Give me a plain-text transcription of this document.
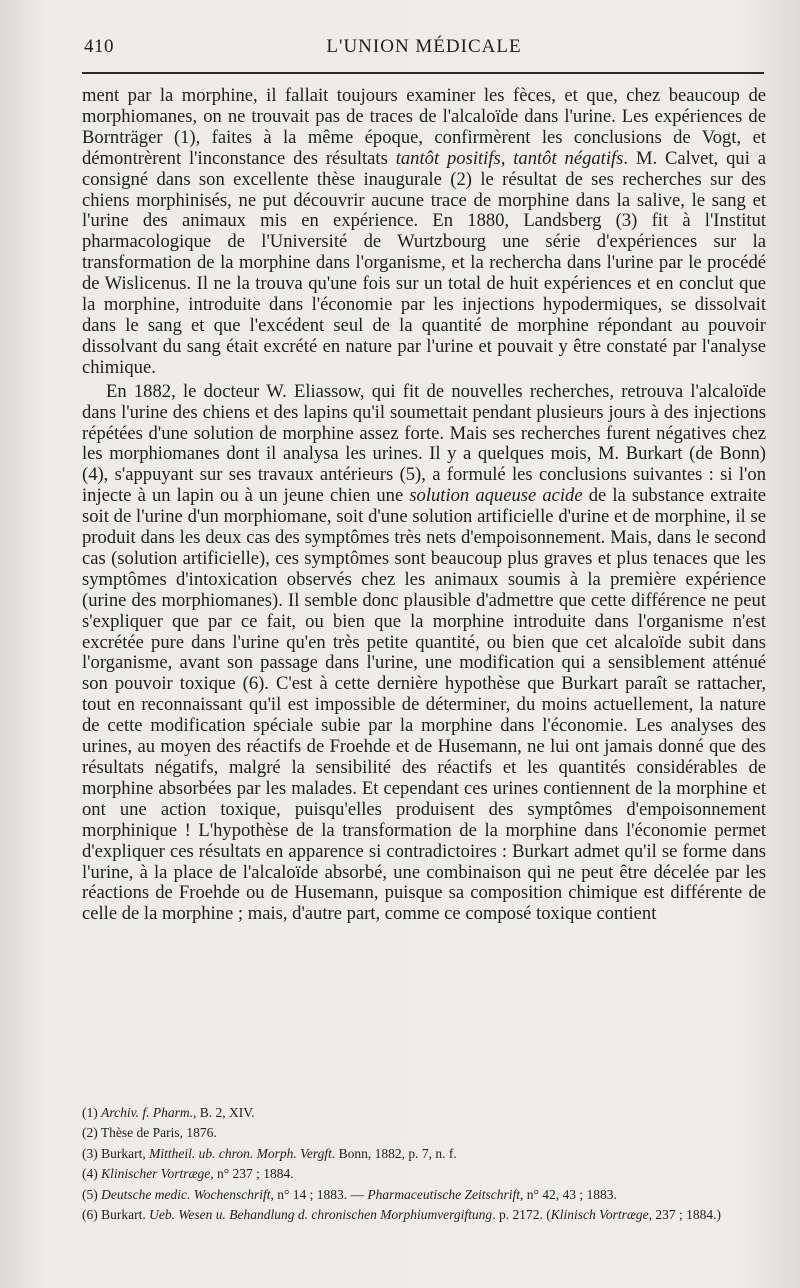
410	L'UNION MÉDICALE

ment par la morphine, il fallait toujours examiner les fèces, et que, chez beaucoup de morphiomanes, on ne trouvait pas de traces de l'alcaloïde dans l'urine. Les expériences de Bornträger (1), faites à la même époque, confirmèrent les conclusions de Vogt, et démontrèrent l'inconstance des résultats tantôt positifs, tantôt négatifs. M. Calvet, qui a consigné dans son excellente thèse inaugurale (2) le résultat de ses recherches sur des chiens morphinisés, ne put découvrir aucune trace de morphine dans la salive, le sang et l'urine des animaux mis en expérience. En 1880, Landsberg (3) fit à l'Institut pharmacologique de l'Université de Wurtzbourg une série d'expériences sur la transformation de la morphine dans l'organisme, et la rechercha dans l'urine par le procédé de Wislicenus. Il ne la trouva qu'une fois sur un total de huit expériences et en conclut que la morphine, introduite dans l'économie par les injections hypodermiques, se dissolvait dans le sang et que l'excédent seul de la quantité de morphine répondant au pouvoir dissolvant du sang était excrété en nature par l'urine et pouvait y être constaté par l'analyse chimique.

En 1882, le docteur W. Eliassow, qui fit de nouvelles recherches, retrouva l'alcaloïde dans l'urine des chiens et des lapins qu'il soumettait pendant plusieurs jours à des injections répétées d'une solution de morphine assez forte. Mais ses recherches furent négatives chez les morphiomanes dont il analysa les urines. Il y a quelques mois, M. Burkart (de Bonn) (4), s'appuyant sur ses travaux antérieurs (5), a formulé les conclusions suivantes : si l'on injecte à un lapin ou à un jeune chien une solution aqueuse acide de la substance extraite soit de l'urine d'un morphiomane, soit d'une solution artificielle d'urine et de morphine, il se produit dans les deux cas des symptômes très nets d'empoisonnement. Mais, dans le second cas (solution artificielle), ces symptômes sont beaucoup plus graves et plus tenaces que les symptômes d'intoxication observés chez les animaux soumis à la première expérience (urine des morphiomanes). Il semble donc plausible d'admettre que cette différence ne peut s'expliquer que par ce fait, ou bien que la morphine introduite dans l'organisme n'est excrétée pure dans l'urine qu'en très petite quantité, ou bien que cet alcaloïde subit dans l'organisme, avant son passage dans l'urine, une modification qui a sensiblement atténué son pouvoir toxique (6). C'est à cette dernière hypothèse que Burkart paraît se rattacher, tout en reconnaissant qu'il est impossible de déterminer, du moins actuellement, la nature de cette modification spéciale subie par la morphine dans l'économie. Les analyses des urines, au moyen des réactifs de Froehde et de Husemann, ne lui ont jamais donné que des résultats négatifs, malgré la sensibilité des réactifs et les quantités considérables de morphine absorbées par les malades. Et cependant ces urines contiennent de la morphine et ont une action toxique, puisqu'elles produisent des symptômes d'empoisonnement morphinique ! L'hypothèse de la transformation de la morphine dans l'économie permet d'expliquer ces résultats en apparence si contradictoires : Burkart admet qu'il se forme dans l'urine, à la place de l'alcaloïde absorbé, une combinaison qui ne peut être décelée par les réactions de Froehde ou de Husemann, puisque sa composition chimique est différente de celle de la morphine ; mais, d'autre part, comme ce composé toxique contient

(1) Archiv. f. Pharm., B. 2, XIV.

(2) Thèse de Paris, 1876.

(3) Burkart, Mittheil. ub. chron. Morph. Vergft. Bonn, 1882, p. 7, n. f.

(4) Klinischer Vortræge, n° 237 ; 1884.

(5) Deutsche medic. Wochenschrift, n° 14 ; 1883. — Pharmaceutische Zeitschrift, n° 42, 43 ; 1883.

(6) Burkart. Ueb. Wesen u. Behandlung d. chronischen Morphiumvergiftung. p. 2172. (Klinisch Vortræge, 237 ; 1884.)
